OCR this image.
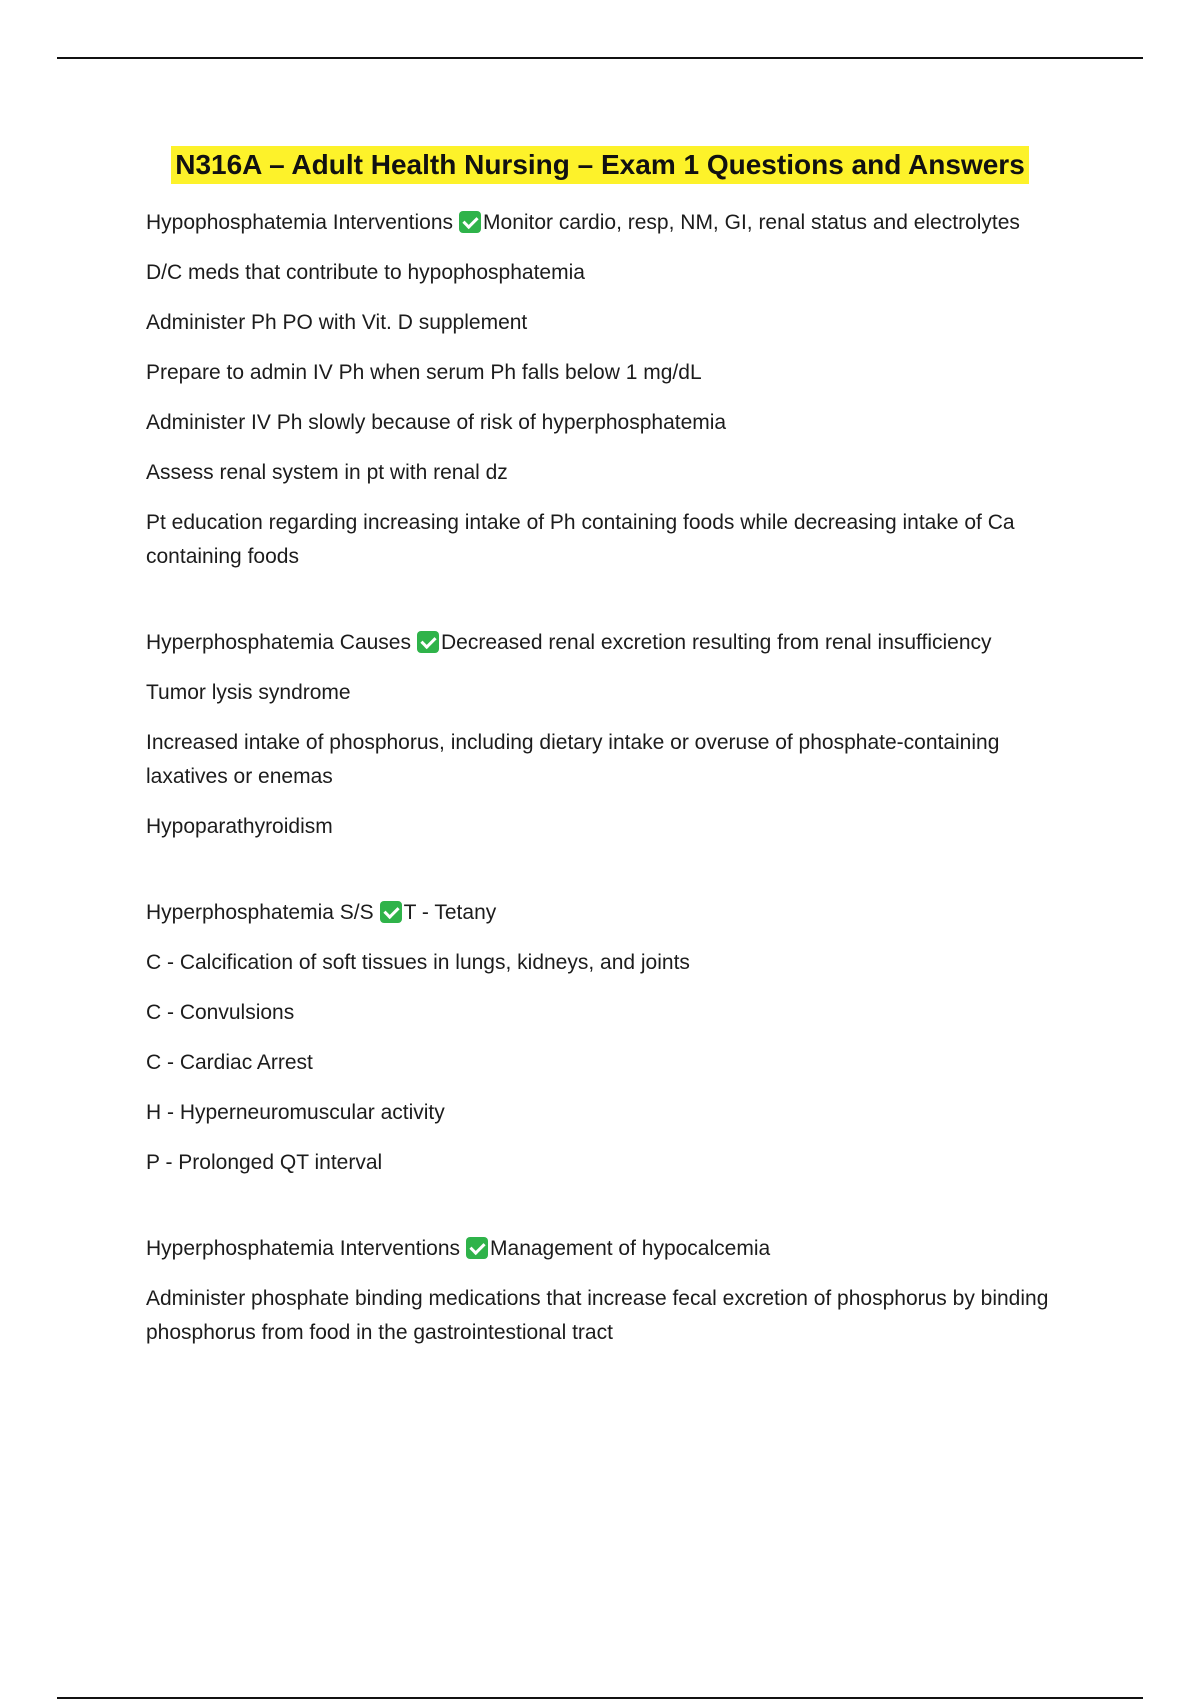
N316A – Adult Health Nursing – Exam 1 Questions and Answers
Hypophosphatemia Interventions Monitor cardio, resp, NM, GI, renal status and electrolytes
D/C meds that contribute to hypophosphatemia
Administer Ph PO with Vit. D supplement
Prepare to admin IV Ph when serum Ph falls below 1 mg/dL
Administer IV Ph slowly because of risk of hyperphosphatemia
Assess renal system in pt with renal dz
Pt education regarding increasing intake of Ph containing foods while decreasing intake of Ca containing foods
Hyperphosphatemia Causes Decreased renal excretion resulting from renal insufficiency
Tumor lysis syndrome
Increased intake of phosphorus, including dietary intake or overuse of phosphate-containing laxatives or enemas
Hypoparathyroidism
Hyperphosphatemia S/S T - Tetany
C - Calcification of soft tissues in lungs, kidneys, and joints
C - Convulsions
C - Cardiac Arrest
H - Hyperneuromuscular activity
P - Prolonged QT interval
Hyperphosphatemia Interventions Management of hypocalcemia
Administer phosphate binding medications that increase fecal excretion of phosphorus by binding phosphorus from food in the gastrointestional tract
